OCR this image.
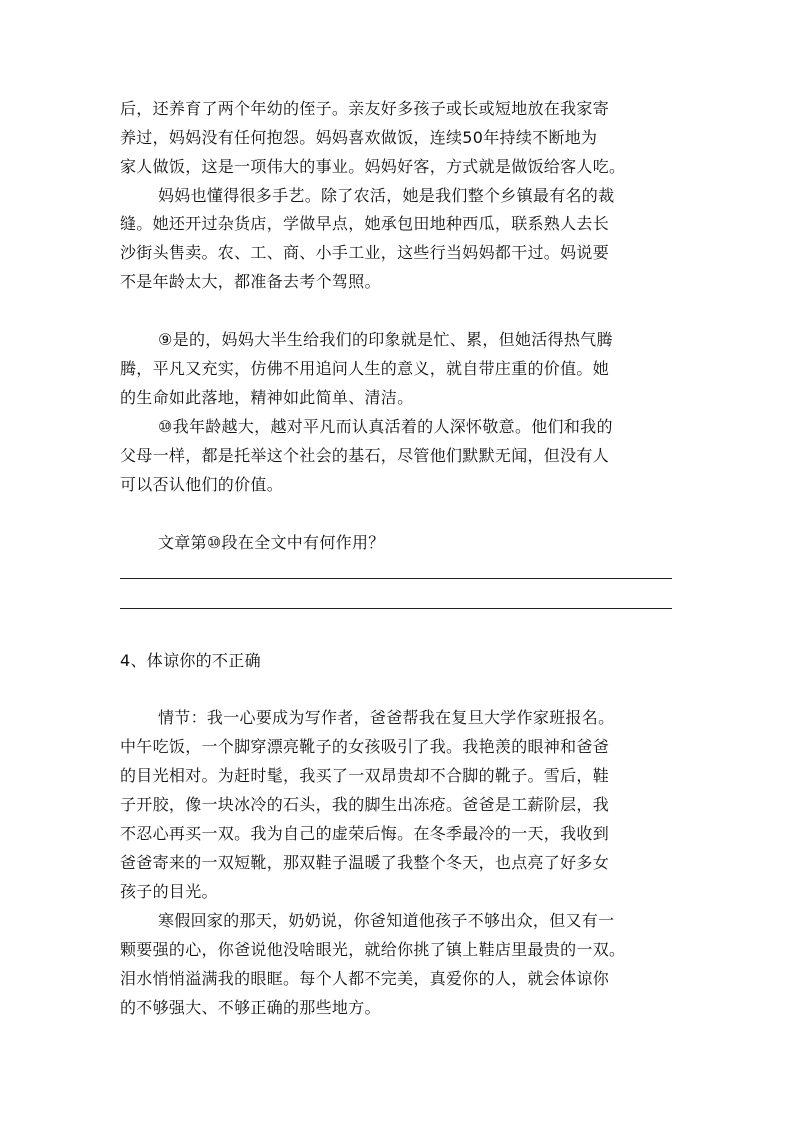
后，还养育了两个年幼的侄子。亲友好多孩子或长或短地放在我家寄
养过，妈妈没有任何抱怨。妈妈喜欢做饭，连续50年持续不断地为
家人做饭，这是一项伟大的事业。妈妈好客，方式就是做饭给客人吃。
妈妈也懂得很多手艺。除了农活，她是我们整个乡镇最有名的裁
缝。她还开过杂货店，学做早点，她承包田地种西瓜，联系熟人去长
沙街头售卖。农、工、商、小手工业，这些行当妈妈都干过。妈说要
不是年龄太大，都准备去考个驾照。
⑨是的，妈妈大半生给我们的印象就是忙、累，但她活得热气腾
腾，平凡又充实，仿佛不用追问人生的意义，就自带庄重的价值。她
的生命如此落地，精神如此简单、清洁。
⑩我年龄越大，越对平凡而认真活着的人深怀敬意。他们和我的
父母一样，都是托举这个社会的基石，尽管他们默默无闻，但没有人
可以否认他们的价值。
文章第⑩段在全文中有何作用？
4、体谅你的不正确
情节：我一心要成为写作者，爸爸帮我在复旦大学作家班报名。
中午吃饭，一个脚穿漂亮靴子的女孩吸引了我。我艳羡的眼神和爸爸
的目光相对。为赶时髦，我买了一双昂贵却不合脚的靴子。雪后，鞋
子开胶，像一块冰冷的石头，我的脚生出冻疮。爸爸是工薪阶层，我
不忍心再买一双。我为自己的虚荣后悔。在冬季最冷的一天，我收到
爸爸寄来的一双短靴，那双鞋子温暖了我整个冬天，也点亮了好多女
孩子的目光。
寒假回家的那天，奶奶说，你爸知道他孩子不够出众，但又有一
颗要强的心，你爸说他没啥眼光，就给你挑了镇上鞋店里最贵的一双。
泪水悄悄溢满我的眼眶。每个人都不完美，真爱你的人，就会体谅你
的不够强大、不够正确的那些地方。
